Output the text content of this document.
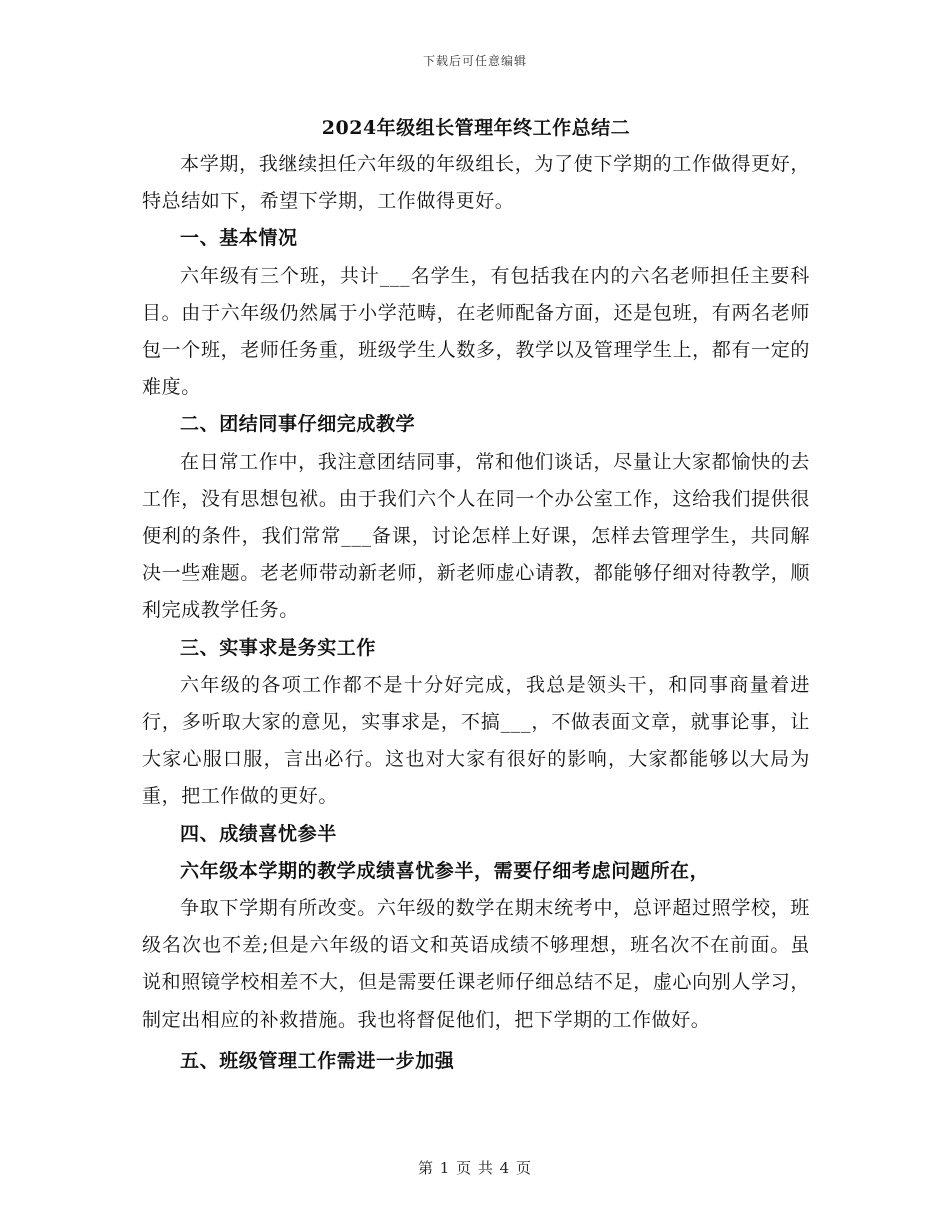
下载后可任意编辑
2024年级组长管理年终工作总结二

本学期，我继续担任六年级的年级组长，为了使下学期的工作做得更好，特总结如下，希望下学期，工作做得更好。

一、基本情况

六年级有三个班，共计___名学生，有包括我在内的六名老师担任主要科目。由于六年级仍然属于小学范畴，在老师配备方面，还是包班，有两名老师包一个班，老师任务重，班级学生人数多，教学以及管理学生上，都有一定的难度。

二、团结同事仔细完成教学

在日常工作中，我注意团结同事，常和他们谈话，尽量让大家都愉快的去工作，没有思想包袱。由于我们六个人在同一个办公室工作，这给我们提供很便利的条件，我们常常___备课，讨论怎样上好课，怎样去管理学生，共同解决一些难题。老老师带动新老师，新老师虚心请教，都能够仔细对待教学，顺利完成教学任务。

三、实事求是务实工作

六年级的各项工作都不是十分好完成，我总是领头干，和同事商量着进行，多听取大家的意见，实事求是，不搞___，不做表面文章，就事论事，让大家心服口服，言出必行。这也对大家有很好的影响，大家都能够以大局为重，把工作做的更好。

四、成绩喜忧参半

六年级本学期的教学成绩喜忧参半，需要仔细考虑问题所在，

争取下学期有所改变。六年级的数学在期末统考中，总评超过照学校，班级名次也不差;但是六年级的语文和英语成绩不够理想，班名次不在前面。虽说和照镜学校相差不大，但是需要任课老师仔细总结不足，虚心向别人学习，制定出相应的补救措施。我也将督促他们，把下学期的工作做好。

五、班级管理工作需进一步加强
第 1 页 共 4 页
